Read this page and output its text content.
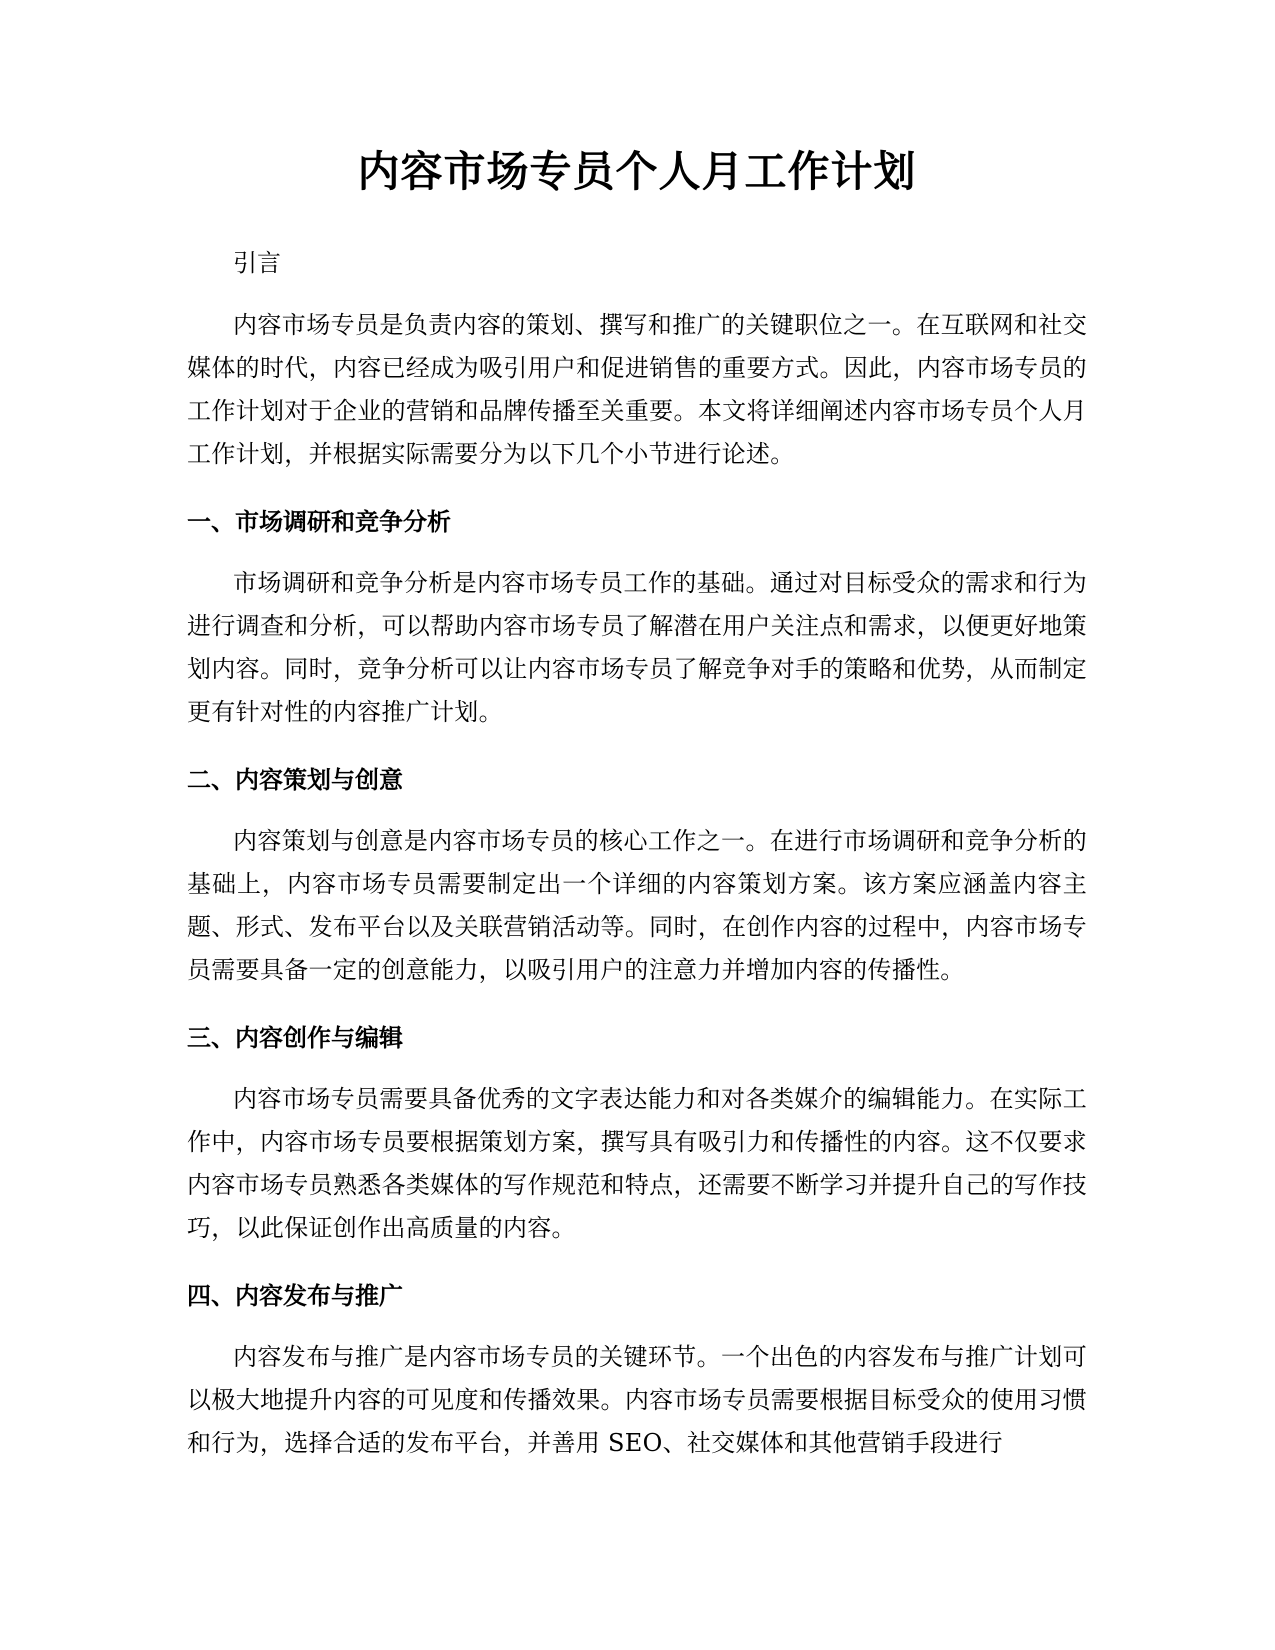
内容市场专员个人月工作计划

引言

内容市场专员是负责内容的策划、撰写和推广的关键职位之一。在互联网和社交媒体的时代，内容已经成为吸引用户和促进销售的重要方式。因此，内容市场专员的工作计划对于企业的营销和品牌传播至关重要。本文将详细阐述内容市场专员个人月工作计划，并根据实际需要分为以下几个小节进行论述。

一、市场调研和竞争分析

市场调研和竞争分析是内容市场专员工作的基础。通过对目标受众的需求和行为进行调查和分析，可以帮助内容市场专员了解潜在用户关注点和需求，以便更好地策划内容。同时，竞争分析可以让内容市场专员了解竞争对手的策略和优势，从而制定更有针对性的内容推广计划。

二、内容策划与创意

内容策划与创意是内容市场专员的核心工作之一。在进行市场调研和竞争分析的基础上，内容市场专员需要制定出一个详细的内容策划方案。该方案应涵盖内容主题、形式、发布平台以及关联营销活动等。同时，在创作内容的过程中，内容市场专员需要具备一定的创意能力，以吸引用户的注意力并增加内容的传播性。

三、内容创作与编辑

内容市场专员需要具备优秀的文字表达能力和对各类媒介的编辑能力。在实际工作中，内容市场专员要根据策划方案，撰写具有吸引力和传播性的内容。这不仅要求内容市场专员熟悉各类媒体的写作规范和特点，还需要不断学习并提升自己的写作技巧，以此保证创作出高质量的内容。

四、内容发布与推广

内容发布与推广是内容市场专员的关键环节。一个出色的内容发布与推广计划可以极大地提升内容的可见度和传播效果。内容市场专员需要根据目标受众的使用习惯和行为，选择合适的发布平台，并善用 SEO、社交媒体和其他营销手段进行
